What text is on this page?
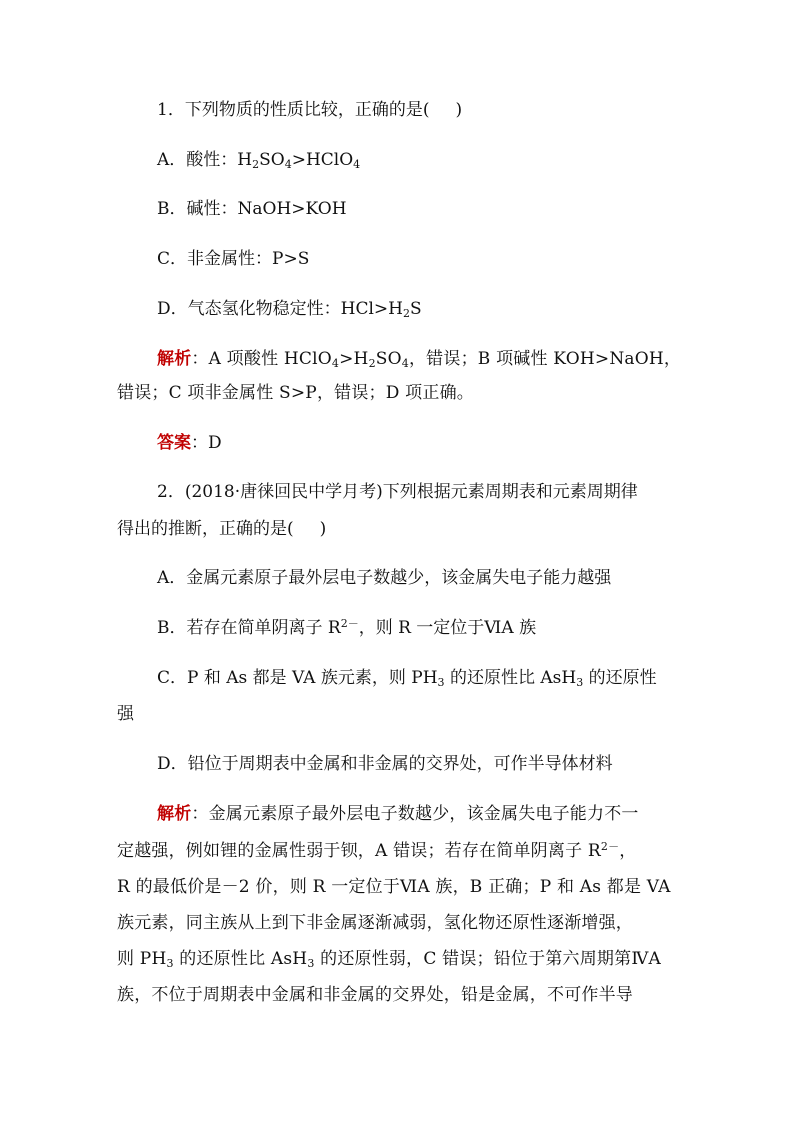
1．下列物质的性质比较，正确的是( )
A．酸性：$H_2SO_4>HClO_4$
B．碱性：NaOH>KOH
C．非金属性：P>S
D．气态氢化物稳定性：$HCl>H_2S$
解析：A 项酸性 $HClO_4>H_2SO_4$，错误；B 项碱性 KOH>NaOH，
错误；C 项非金属性 S>P，错误；D 项正确。
答案：D
2．(2018·唐徕回民中学月考)下列根据元素周期表和元素周期律
得出的推断，正确的是( )
A．金属元素原子最外层电子数越少，该金属失电子能力越强
B．若存在简单阴离子 $R^{2-}$，则 R 一定位于ⅥA 族
C．P 和 As 都是 VA 族元素，则 $PH_3$ 的还原性比 AsH$_3$ 的还原性
强
D．铅位于周期表中金属和非金属的交界处，可作半导体材料
解析：金属元素原子最外层电子数越少，该金属失电子能力不一
定越强，例如锂的金属性弱于钡，A 错误；若存在简单阴离子 $R^{2-}$，
R 的最低价是－2 价，则 R 一定位于ⅥA 族，B 正确；P 和 As 都是 VA
族元素，同主族从上到下非金属逐渐减弱，氢化物还原性逐渐增强，
则 $PH_3$ 的还原性比 AsH$_3$ 的还原性弱，C 错误；铅位于第六周期第ⅣA
族，不位于周期表中金属和非金属的交界处，铅是金属，不可作半导
